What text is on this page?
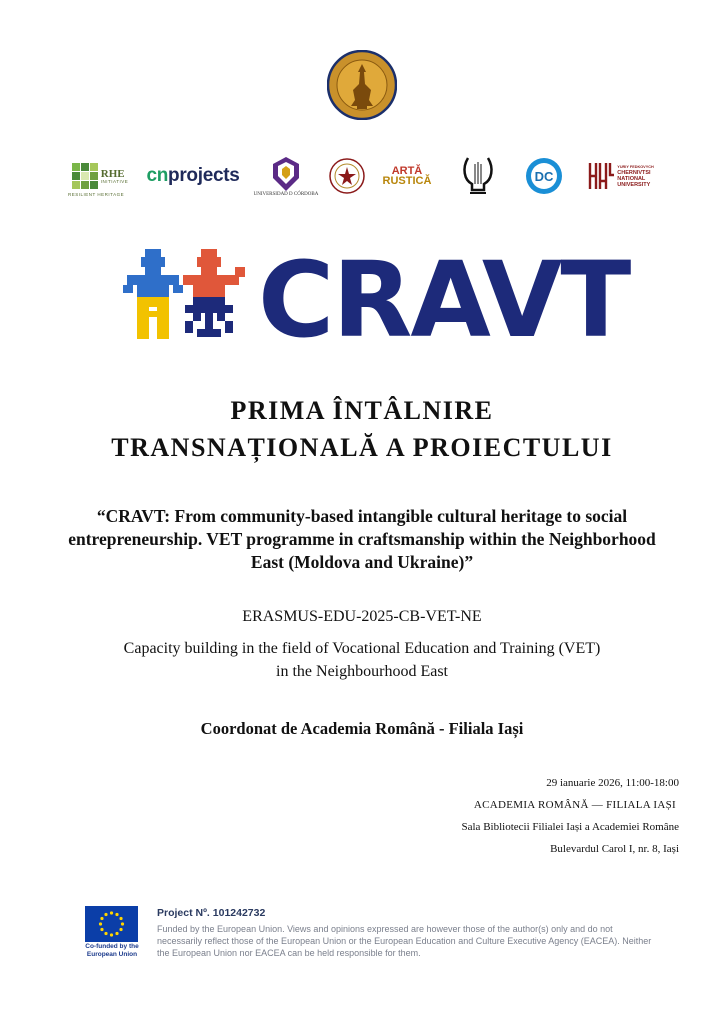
RHE
INITIATIVE
RESILIENT HERITAGE
cnprojects
UNIVERSIDAD D CÓRDOBA
ARTĂ
RUSTICĂ	DC
YURIY FEDKOVYCH
CHERNIVTSI
NATIONAL
UNIVERSITY
CRAVT
PRIMA ÎNTÂLNIRE
TRANSNAȚIONALĂ A PROIECTULUI
“CRAVT: From community-based intangible cultural heritage to social entrepreneurship. VET programme in craftsmanship within the Neighborhood East (Moldova and Ukraine)”
ERASMUS-EDU-2025-CB-VET-NE
Capacity building in the field of Vocational Education and Training (VET)
in the Neighbourhood East
Coordonat de Academia Română - Filiala Iași
29 ianuarie 2026, 11:00-18:00
ACADEMIA ROMÂNĂ — FILIALA IAȘI
Sala Bibliotecii Filialei Iași a Academiei Române
Bulevardul Carol I, nr. 8, Iași
Co-funded by the European Union
Project Nº. 101242732
Funded by the European Union. Views and opinions expressed are however those of the author(s) only and do not necessarily reflect those of the European Union or the European Education and Culture Executive Agency (EACEA). Neither the European Union nor EACEA can be held responsible for them.
